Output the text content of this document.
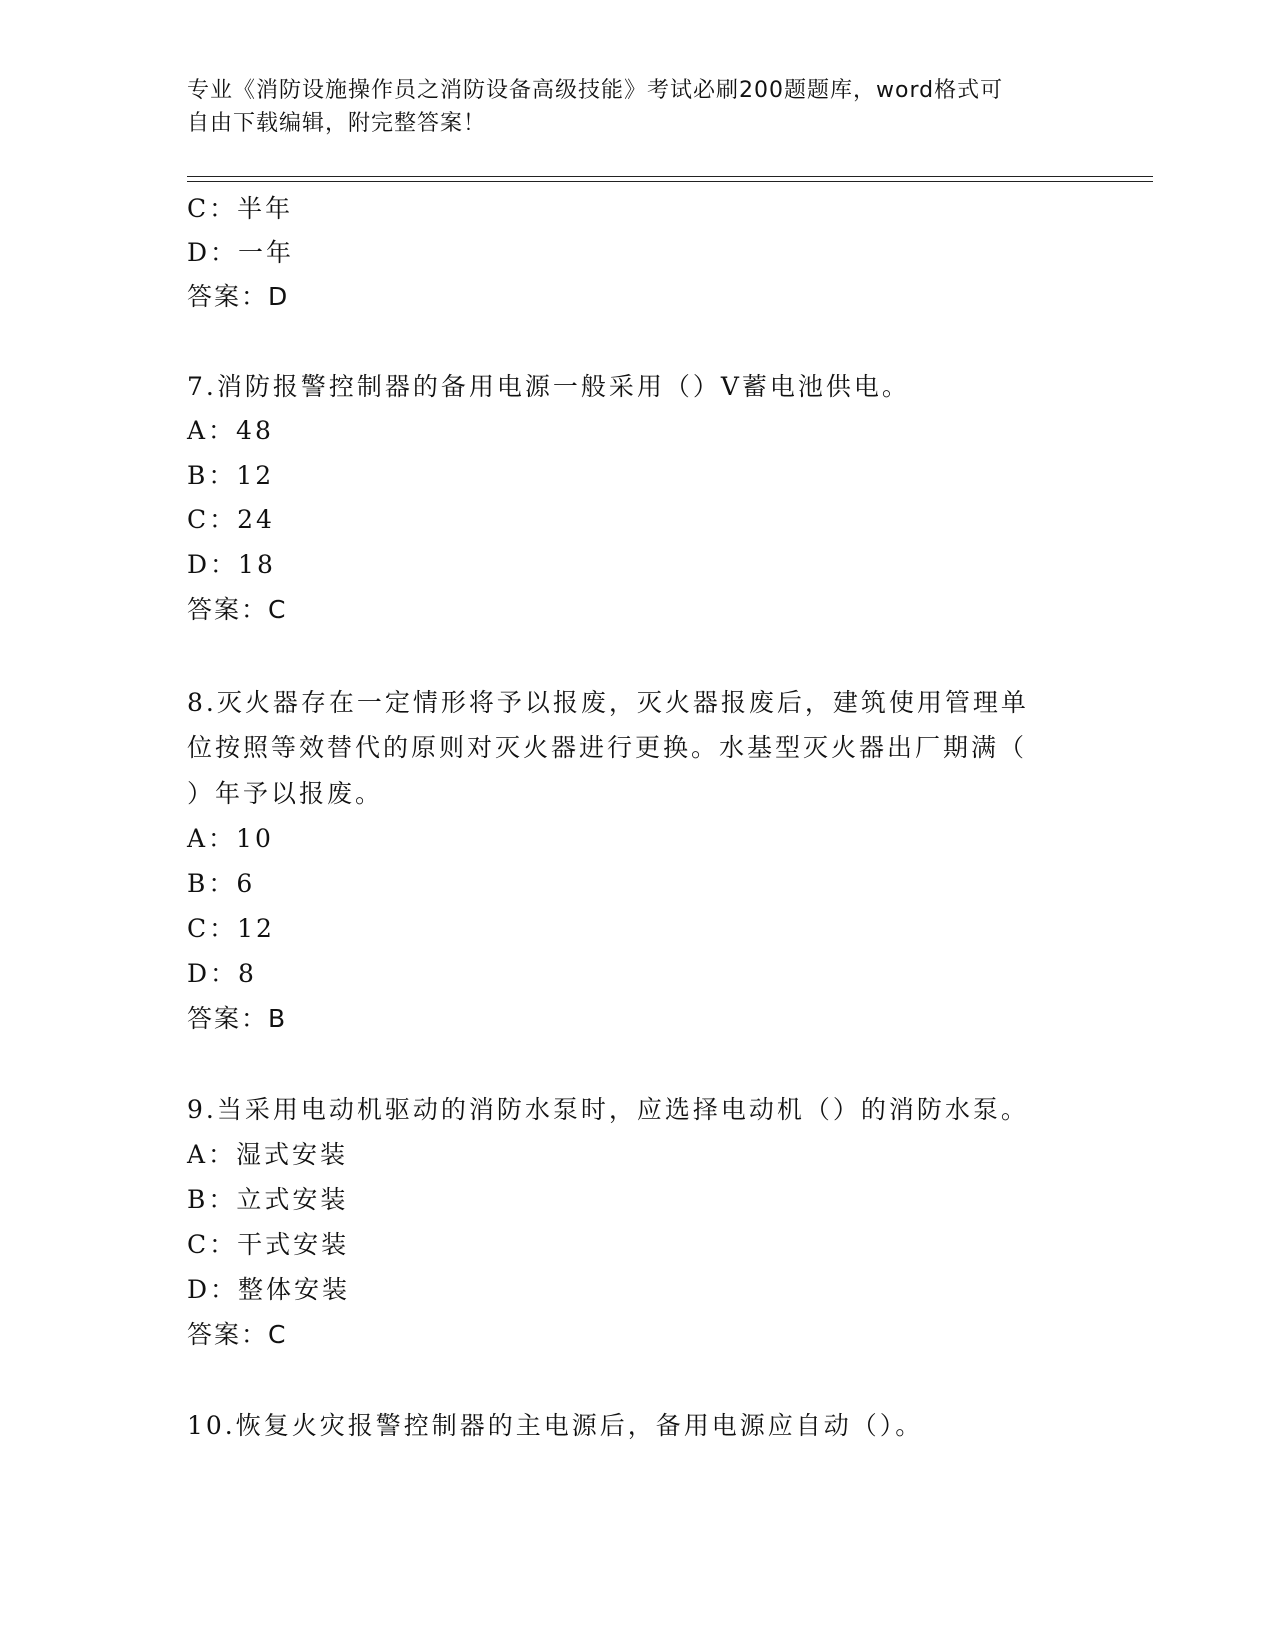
专业《消防设施操作员之消防设备高级技能》考试必刷200题题库，word格式可
自由下载编辑，附完整答案！
C：半年
D：一年
答案：D
7.消防报警控制器的备用电源一般采用（）V蓄电池供电。
A：48
B：12
C：24
D：18
答案：C
8.灭火器存在一定情形将予以报废，灭火器报废后，建筑使用管理单
位按照等效替代的原则对灭火器进行更换。水基型灭火器出厂期满（
）年予以报废。
A：10
B：6
C：12
D：8
答案：B
9.当采用电动机驱动的消防水泵时，应选择电动机（）的消防水泵。
A：湿式安装
B：立式安装
C：干式安装
D：整体安装
答案：C
10.恢复火灾报警控制器的主电源后，备用电源应自动（）。
